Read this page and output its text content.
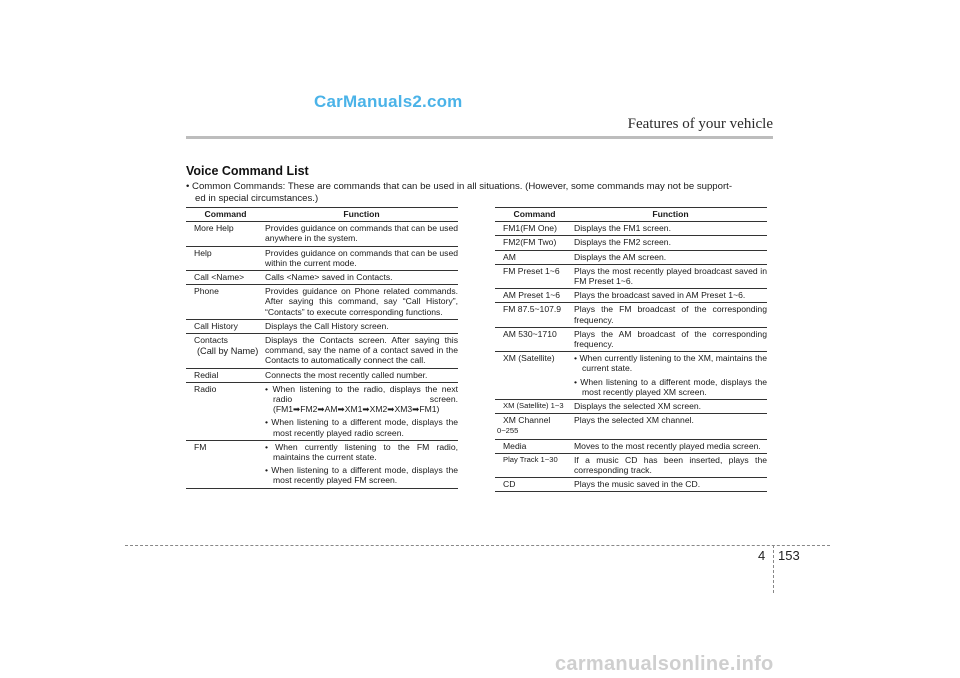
CarManuals2.com
Features of your vehicle
Voice Command List
• Common Commands: These are commands that can be used in all situations. (However, some commands may not be support-
ed in special circumstances.)
Command	Function
More Help	Provides guidance on commands that can be used anywhere in the system.
Help	Provides guidance on commands that can be used within the current mode.
Call <Name>	Calls <Name> saved in Contacts.
Phone	Provides guidance on Phone related commands. After saying this command, say “Call History”, “Contacts” to execute corresponding functions.
Call History	Displays the Call History screen.

Contacts
(Call by Name)	Displays the Contacts screen. After saying this command, say the name of a contact saved in the Contacts to automatically connect the call.
Redial	Connects the most recently called number.
Radio	• When listening to the radio, displays the next radio screen. (FM1➡FM2➡AM➡XM1➡XM2➡XM3➡FM1)
• When listening to a different mode, displays the most recently played radio screen.

FM	• When currently listening to the FM radio, maintains the current state.
• When listening to a different mode, displays the most recently played FM screen.
Command	Function
FM1(FM One)	Displays the FM1 screen.
FM2(FM Two)	Displays the FM2 screen.
AM	Displays the AM screen.
FM Preset 1~6	Plays the most recently played broadcast saved in FM Preset 1~6.
AM Preset 1~6	Plays the broadcast saved in AM Preset 1~6.
FM 87.5~107.9	Plays the FM broadcast of the corresponding frequency.
AM 530~1710	Plays the AM broadcast of the corresponding frequency.
XM (Satellite)	• When currently listening to the XM, maintains the current state.
• When listening to a different mode, displays the most recently played XM screen.

XM (Satellite) 1~3	Displays the selected XM screen.

XM Channel
0~255	Plays the selected XM channel.
Media	Moves to the most recently played media screen.
Play Track 1~30	If a music CD has been inserted, plays the corresponding track.
CD	Plays the music saved in the CD.
4 153
carmanualsonline.info
